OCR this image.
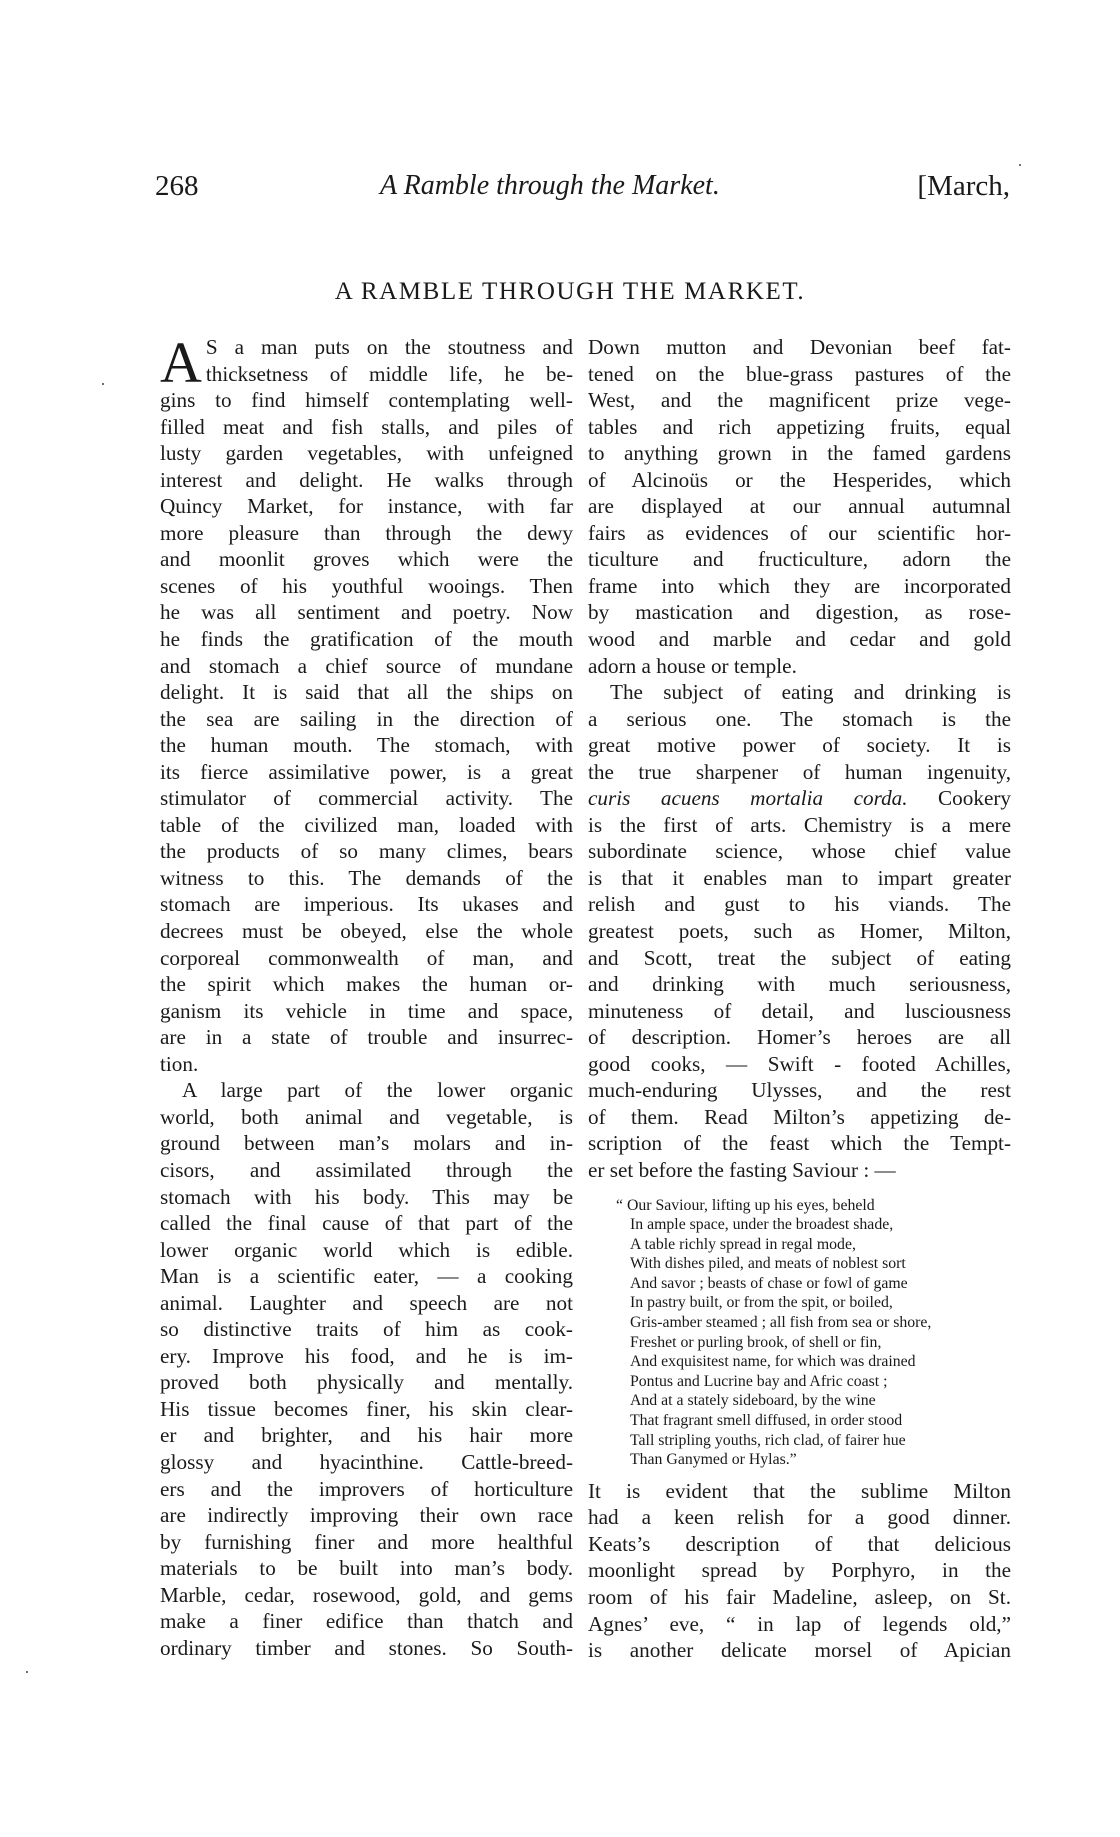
268	A Ramble through the Market.	[March,
A RAMBLE THROUGH THE MARKET.

A S a man puts on the stoutness and
thicksetness of middle life, he be-
gins to find himself contemplating well-
filled meat and fish stalls, and piles of
lusty garden vegetables, with unfeigned
interest and delight. He walks through
Quincy Market, for instance, with far
more pleasure than through the dewy
and moonlit groves which were the
scenes of his youthful wooings. Then
he was all sentiment and poetry. Now
he finds the gratification of the mouth
and stomach a chief source of mundane
delight. It is said that all the ships on
the sea are sailing in the direction of
the human mouth. The stomach, with
its fierce assimilative power, is a great
stimulator of commercial activity. The
table of the civilized man, loaded with
the products of so many climes, bears
witness to this. The demands of the
stomach are imperious. Its ukases and
decrees must be obeyed, else the whole
corporeal commonwealth of man, and
the spirit which makes the human or-
ganism its vehicle in time and space,
are in a state of trouble and insurrec-
tion.

A large part of the lower organic
world, both animal and vegetable, is
ground between man’s molars and in-
cisors, and assimilated through the
stomach with his body. This may be
called the final cause of that part of the
lower organic world which is edible.
Man is a scientific eater, — a cooking
animal. Laughter and speech are not
so distinctive traits of him as cook-
ery. Improve his food, and he is im-
proved both physically and mentally.
His tissue becomes finer, his skin clear-
er and brighter, and his hair more
glossy and hyacinthine. Cattle-breed-
ers and the improvers of horticulture
are indirectly improving their own race
by furnishing finer and more healthful
materials to be built into man’s body.
Marble, cedar, rosewood, gold, and gems
make a finer edifice than thatch and
ordinary timber and stones. So South-

Down mutton and Devonian beef fat-
tened on the blue-grass pastures of the
West, and the magnificent prize vege-
tables and rich appetizing fruits, equal
to anything grown in the famed gardens
of Alcinoüs or the Hesperides, which
are displayed at our annual autumnal
fairs as evidences of our scientific hor-
ticulture and fructiculture, adorn the
frame into which they are incorporated
by mastication and digestion, as rose-
wood and marble and cedar and gold
adorn a house or temple.

The subject of eating and drinking is
a serious one. The stomach is the
great motive power of society. It is
the true sharpener of human ingenuity,
curis acuens mortalia corda. Cookery
is the first of arts. Chemistry is a mere
subordinate science, whose chief value
is that it enables man to impart greater
relish and gust to his viands. The
greatest poets, such as Homer, Milton,
and Scott, treat the subject of eating
and drinking with much seriousness,
minuteness of detail, and lusciousness
of description. Homer’s heroes are all
good cooks, — Swift - footed Achilles,
much-enduring Ulysses, and the rest
of them. Read Milton’s appetizing de-
scription of the feast which the Tempt-
er set before the fasting Saviour : —

“ Our Saviour, lifting up his eyes, beheld
In ample space, under the broadest shade,
A table richly spread in regal mode,
With dishes piled, and meats of noblest sort
And savor ; beasts of chase or fowl of game
In pastry built, or from the spit, or boiled,
Gris-amber steamed ; all fish from sea or shore,
Freshet or purling brook, of shell or fin,
And exquisitest name, for which was drained
Pontus and Lucrine bay and Afric coast ;
And at a stately sideboard, by the wine
That fragrant smell diffused, in order stood
Tall stripling youths, rich clad, of fairer hue
Than Ganymed or Hylas.”

It is evident that the sublime Milton
had a keen relish for a good dinner.
Keats’s description of that delicious
moonlight spread by Porphyro, in the
room of his fair Madeline, asleep, on St.
Agnes’ eve, “ in lap of legends old,”
is another delicate morsel of Apician
